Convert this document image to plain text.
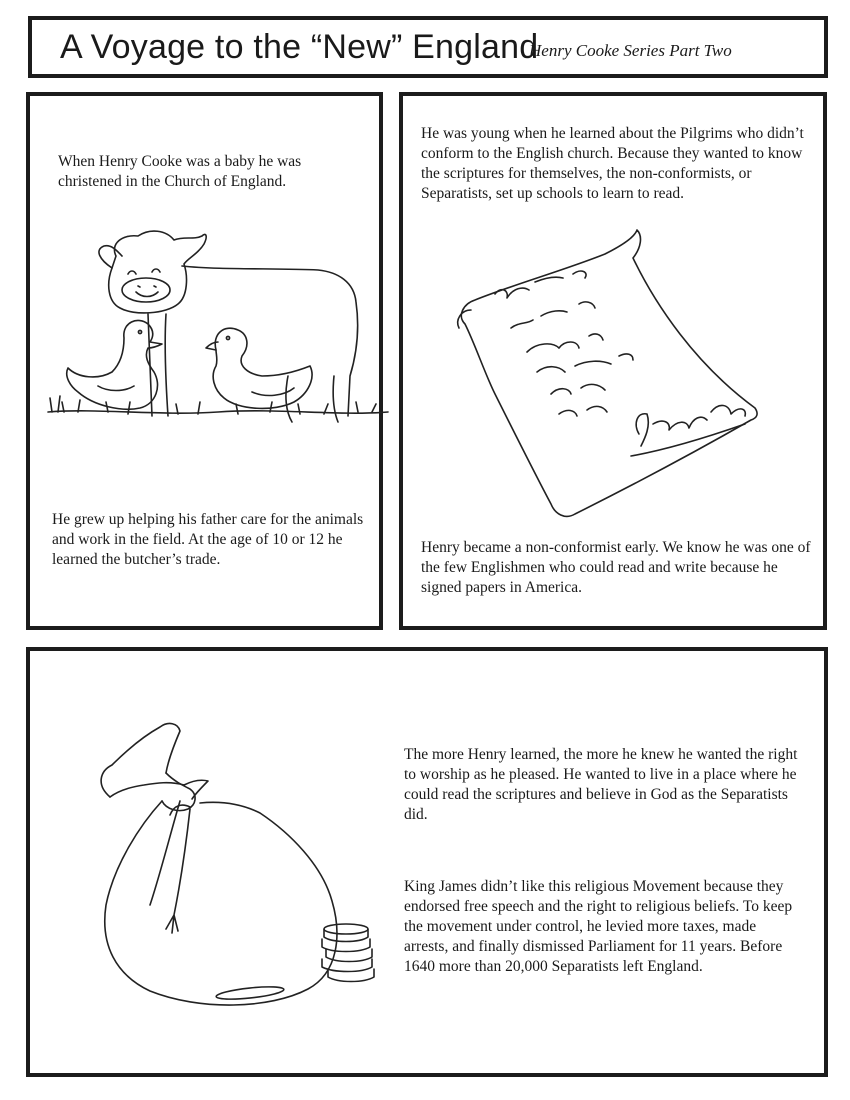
A Voyage to the “New” England
Henry Cooke Series Part Two
When Henry Cooke was a baby he was christened in the Church of England.
He grew up helping his father care for the animals and work in the field. At the age of 10 or 12 he learned the butcher’s trade.
He was young when he learned about the Pilgrims who didn’t conform to the English church. Because they wanted to know the scriptures for themselves, the non-conformists, or Separatists, set up schools to learn to read.
Henry became a non-conformist early. We know he was one of the few Englishmen who could read and write because he signed papers in America.
The more Henry learned, the more he knew he wanted the right to worship as he pleased. He wanted to live in a place where he could read the scriptures and believe in God as the Separatists did.
King James didn’t like this religious Movement because they endorsed free speech and the right to religious beliefs. To keep the movement under control, he levied more taxes, made arrests, and finally dismissed Parliament for 11 years. Before 1640 more than 20,000 Separatists left England.
